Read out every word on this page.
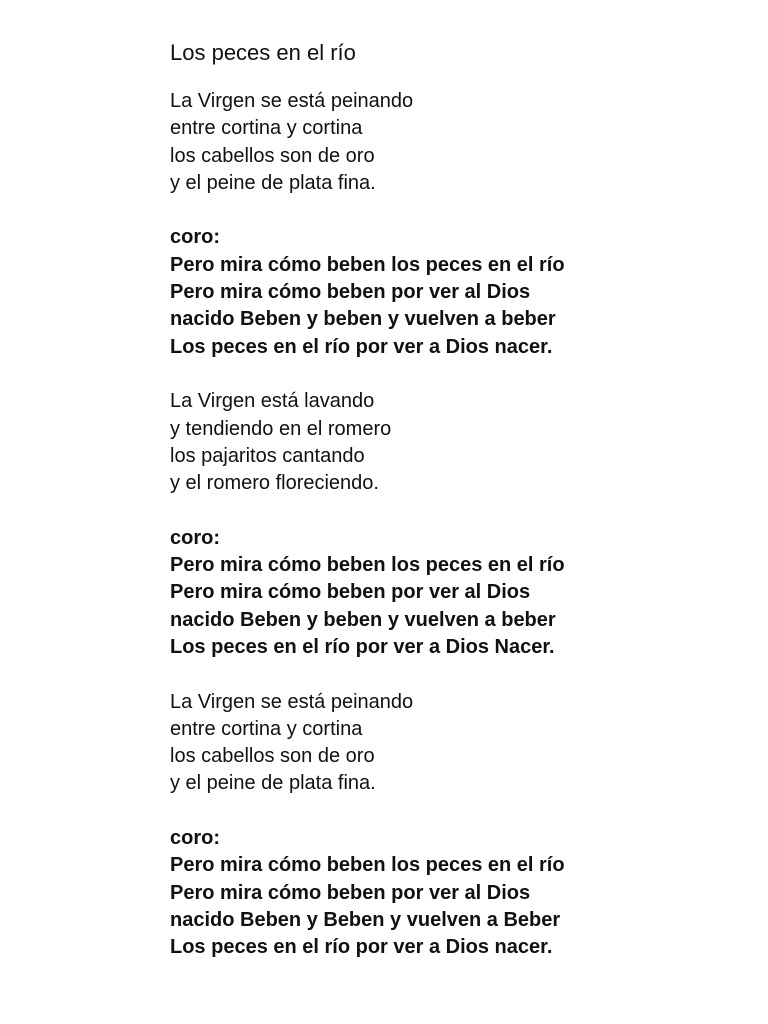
Los peces en el río
La Virgen se está peinando
entre cortina y cortina
los cabellos son de oro
y el peine de plata fina.
coro:
Pero mira cómo beben los peces en el río
Pero mira cómo beben por ver al Dios
nacido Beben y beben y vuelven a beber
Los peces en el río por ver a Dios nacer.
La Virgen está lavando
y tendiendo en el romero
los pajaritos cantando
y el romero floreciendo.
coro:
Pero mira cómo beben los peces en el río
Pero mira cómo beben por ver al Dios
nacido Beben y beben y vuelven a beber
Los peces en el río por ver a Dios Nacer.
La Virgen se está peinando
entre cortina y cortina
los cabellos son de oro
y el peine de plata fina.
coro:
Pero mira cómo beben los peces en el río
Pero mira cómo beben por ver al Dios
nacido Beben y Beben y vuelven a Beber
Los peces en el río por ver a Dios nacer.
